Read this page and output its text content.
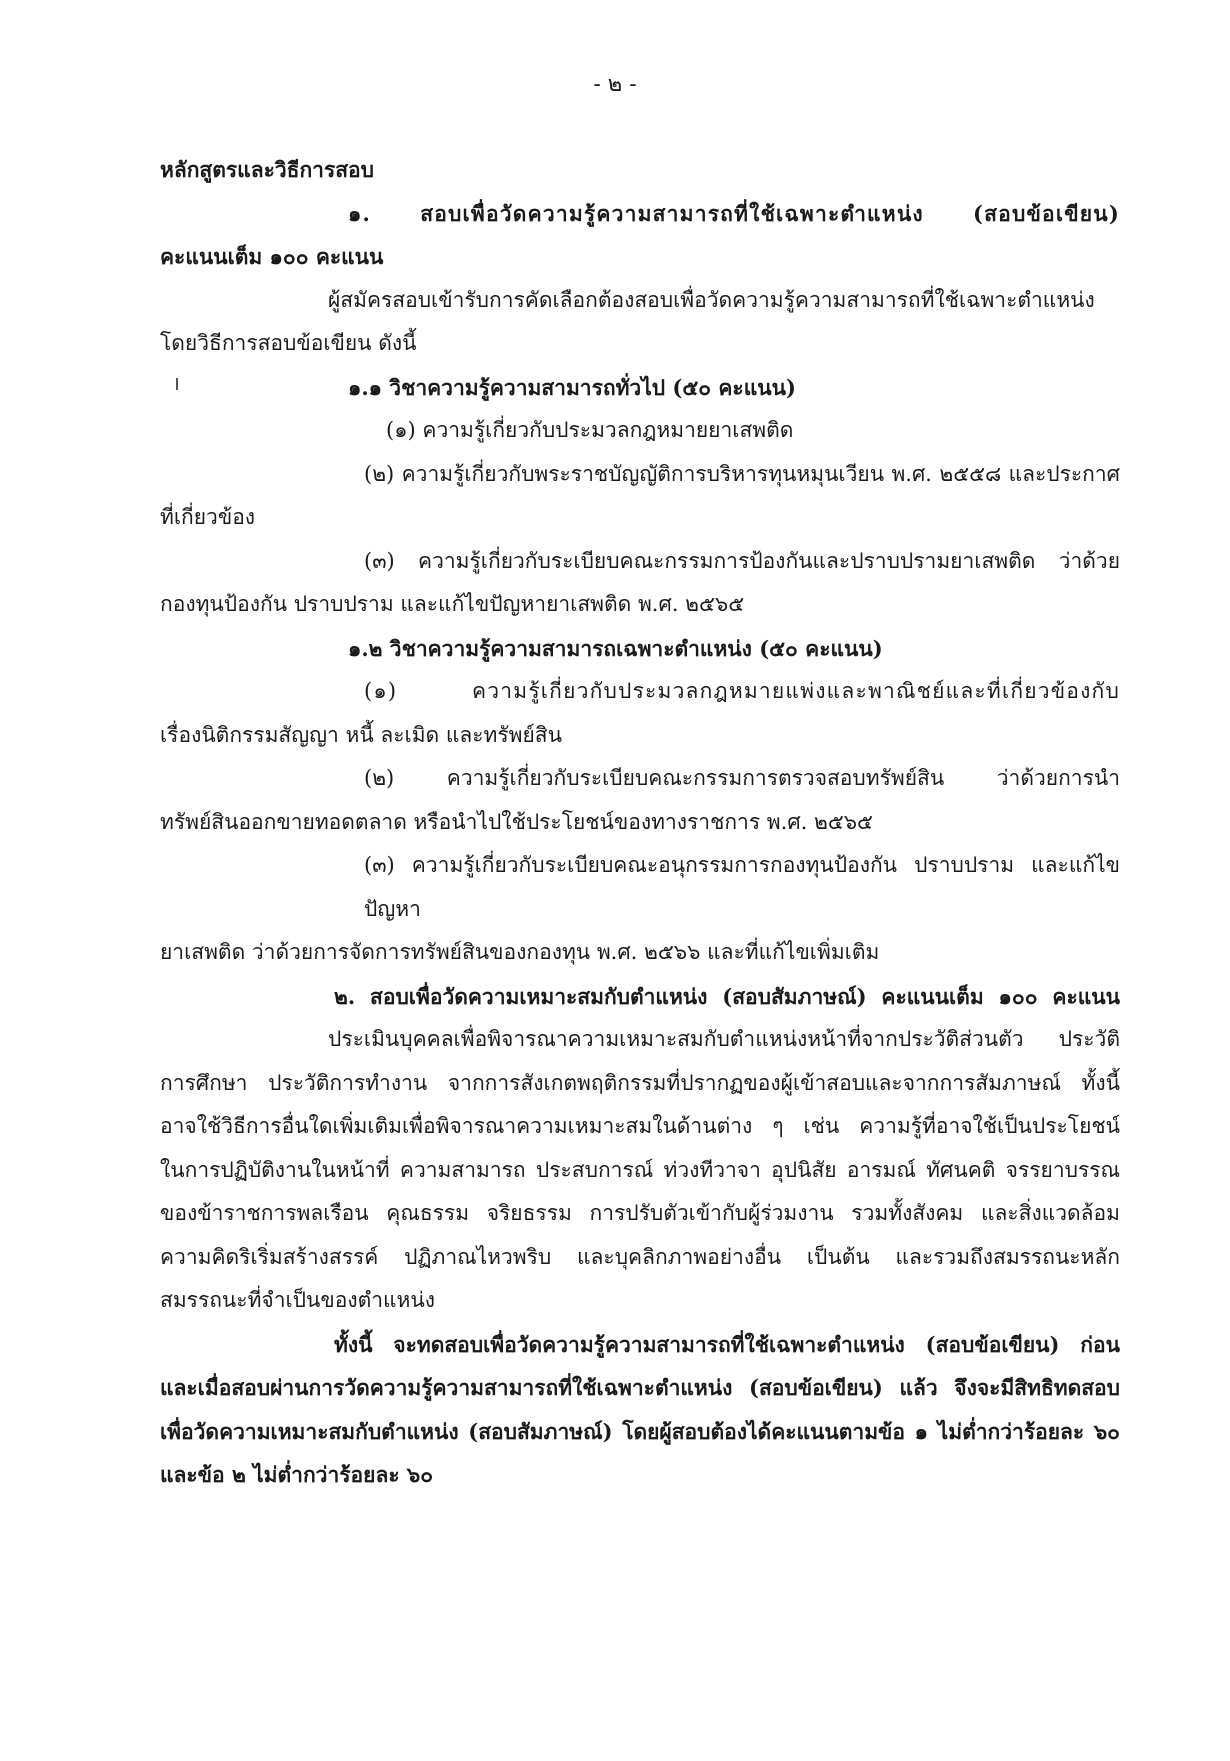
- ๒ -
หลักสูตรและวิธีการสอบ
๑. สอบเพื่อวัดความรู้ความสามารถที่ใช้เฉพาะตำแหน่ง (สอบข้อเขียน)
คะแนนเต็ม ๑๐๐ คะแนน
ผู้สมัครสอบเข้ารับการคัดเลือกต้องสอบเพื่อวัดความรู้ความสามารถที่ใช้เฉพาะตำแหน่ง
โดยวิธีการสอบข้อเขียน ดังนี้
๑.๑ วิชาความรู้ความสามารถทั่วไป (๕๐ คะแนน)
(๑) ความรู้เกี่ยวกับประมวลกฎหมายยาเสพติด
(๒) ความรู้เกี่ยวกับพระราชบัญญัติการบริหารทุนหมุนเวียน พ.ศ. ๒๕๕๘ และประกาศ
ที่เกี่ยวข้อง
(๓) ความรู้เกี่ยวกับระเบียบคณะกรรมการป้องกันและปราบปรามยาเสพติด ว่าด้วย
กองทุนป้องกัน ปราบปราม และแก้ไขปัญหายาเสพติด พ.ศ. ๒๕๖๕
๑.๒ วิชาความรู้ความสามารถเฉพาะตำแหน่ง (๕๐ คะแนน)
(๑) ความรู้เกี่ยวกับประมวลกฎหมายแพ่งและพาณิชย์และที่เกี่ยวข้องกับ
เรื่องนิติกรรมสัญญา หนี้ ละเมิด และทรัพย์สิน
(๒) ความรู้เกี่ยวกับระเบียบคณะกรรมการตรวจสอบทรัพย์สิน ว่าด้วยการนำ
ทรัพย์สินออกขายทอดตลาด หรือนำไปใช้ประโยชน์ของทางราชการ พ.ศ. ๒๕๖๕
(๓) ความรู้เกี่ยวกับระเบียบคณะอนุกรรมการกองทุนป้องกัน ปราบปราม และแก้ไขปัญหา
ยาเสพติด ว่าด้วยการจัดการทรัพย์สินของกองทุน พ.ศ. ๒๕๖๖ และที่แก้ไขเพิ่มเติม
๒. สอบเพื่อวัดความเหมาะสมกับตำแหน่ง (สอบสัมภาษณ์) คะแนนเต็ม ๑๐๐ คะแนน
ประเมินบุคคลเพื่อพิจารณาความเหมาะสมกับตำแหน่งหน้าที่จากประวัติส่วนตัว ประวัติ
การศึกษา ประวัติการทำงาน จากการสังเกตพฤติกรรมที่ปรากฏของผู้เข้าสอบและจากการสัมภาษณ์ ทั้งนี้
อาจใช้วิธีการอื่นใดเพิ่มเติมเพื่อพิจารณาความเหมาะสมในด้านต่าง ๆ เช่น ความรู้ที่อาจใช้เป็นประโยชน์
ในการปฏิบัติงานในหน้าที่ ความสามารถ ประสบการณ์ ท่วงทีวาจา อุปนิสัย อารมณ์ ทัศนคติ จรรยาบรรณ
ของข้าราชการพลเรือน คุณธรรม จริยธรรม การปรับตัวเข้ากับผู้ร่วมงาน รวมทั้งสังคม และสิ่งแวดล้อม
ความคิดริเริ่มสร้างสรรค์ ปฏิภาณไหวพริบ และบุคลิกภาพอย่างอื่น เป็นต้น และรวมถึงสมรรถนะหลัก
สมรรถนะที่จำเป็นของตำแหน่ง
ทั้งนี้ จะทดสอบเพื่อวัดความรู้ความสามารถที่ใช้เฉพาะตำแหน่ง (สอบข้อเขียน) ก่อน
และเมื่อสอบผ่านการวัดความรู้ความสามารถที่ใช้เฉพาะตำแหน่ง (สอบข้อเขียน) แล้ว จึงจะมีสิทธิทดสอบ
เพื่อวัดความเหมาะสมกับตำแหน่ง (สอบสัมภาษณ์) โดยผู้สอบต้องได้คะแนนตามข้อ ๑ ไม่ต่ำกว่าร้อยละ ๖๐
และข้อ ๒ ไม่ต่ำกว่าร้อยละ ๖๐
